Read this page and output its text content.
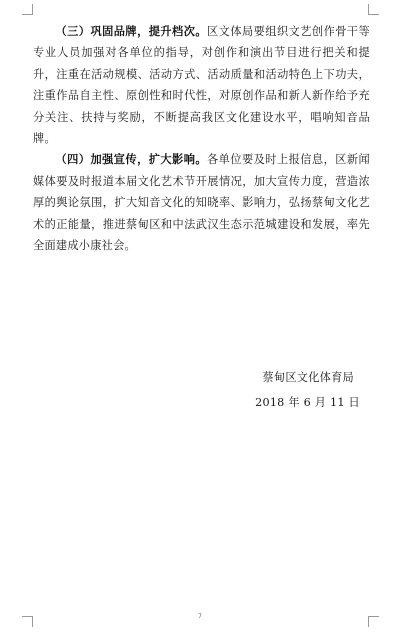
（三）巩固品牌，提升档次。区文体局要组织文艺创作骨干等专业人员加强对各单位的指导，对创作和演出节目进行把关和提升，注重在活动规模、活动方式、活动质量和活动特色上下功夫，注重作品自主性、原创性和时代性，对原创作品和新人新作给予充分关注、扶持与奖励，不断提高我区文化建设水平，唱响知音品牌。

（四）加强宣传，扩大影响。各单位要及时上报信息，区新闻媒体要及时报道本届文化艺术节开展情况，加大宣传力度，营造浓厚的舆论氛围，扩大知音文化的知晓率、影响力，弘扬蔡甸文化艺术的正能量，推进蔡甸区和中法武汉生态示范城建设和发展，率先全面建成小康社会。

蔡甸区文化体育局
2018 年 6 月 11 日
7
